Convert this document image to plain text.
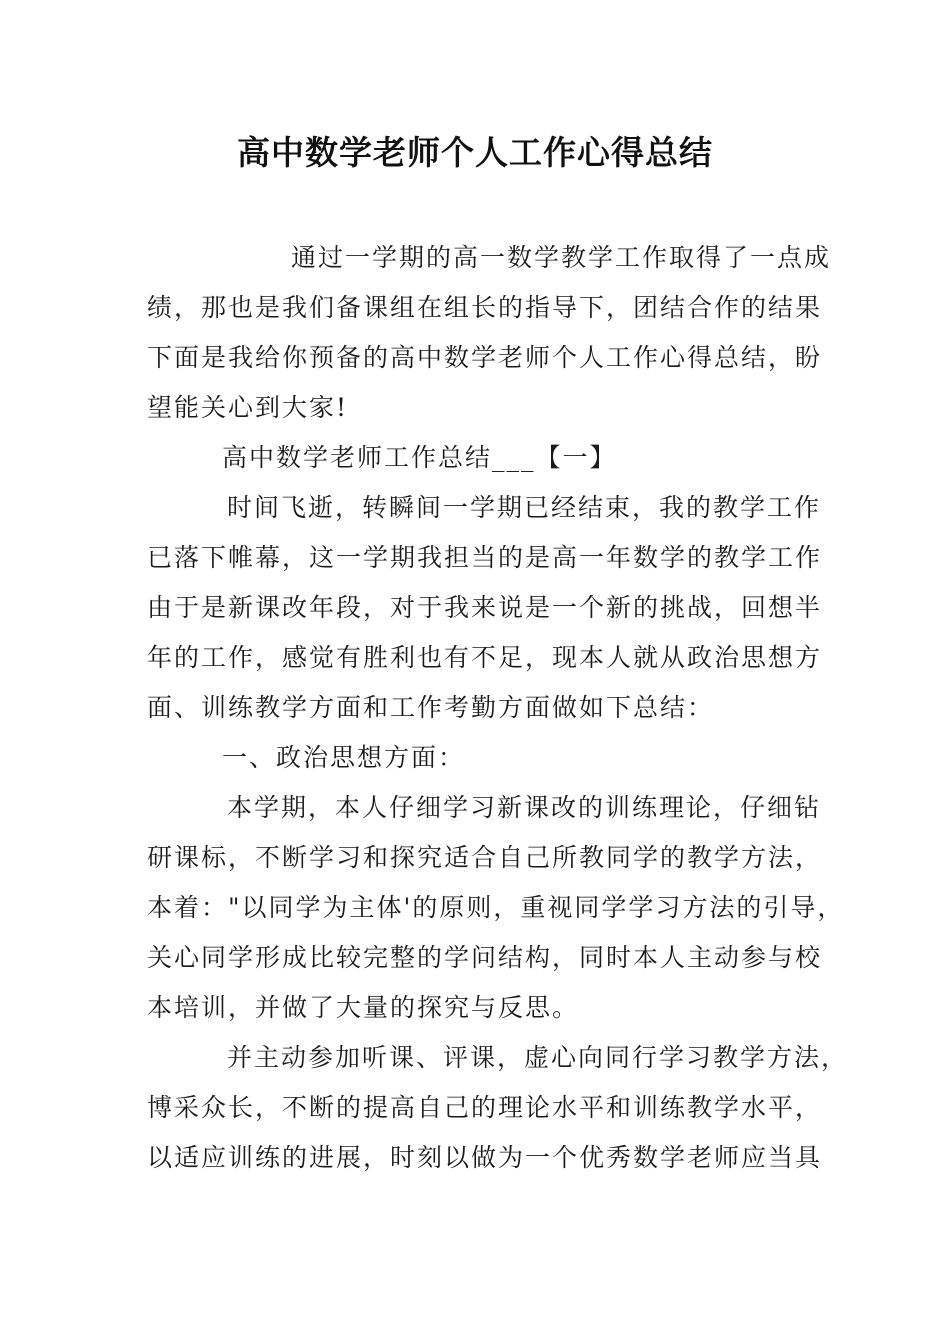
高中数学老师个人工作心得总结
通过一学期的高一数学教学工作取得了一点成
绩，那也是我们备课组在组长的指导下，团结合作的结果
下面是我给你预备的高中数学老师个人工作心得总结，盼
望能关心到大家!
高中数学老师工作总结___【一】
时间飞逝，转瞬间一学期已经结束，我的教学工作
已落下帷幕，这一学期我担当的是高一年数学的教学工作
由于是新课改年段，对于我来说是一个新的挑战，回想半
年的工作，感觉有胜利也有不足，现本人就从政治思想方
面、训练教学方面和工作考勤方面做如下总结：
一、政治思想方面：
本学期，本人仔细学习新课改的训练理论，仔细钻
研课标，不断学习和探究适合自己所教同学的教学方法，
本着："以同学为主体'的原则，重视同学学习方法的引导，
关心同学形成比较完整的学问结构，同时本人主动参与校
本培训，并做了大量的探究与反思。
并主动参加听课、评课，虚心向同行学习教学方法，
博采众长，不断的提高自己的理论水平和训练教学水平，
以适应训练的进展，时刻以做为一个优秀数学老师应当具
